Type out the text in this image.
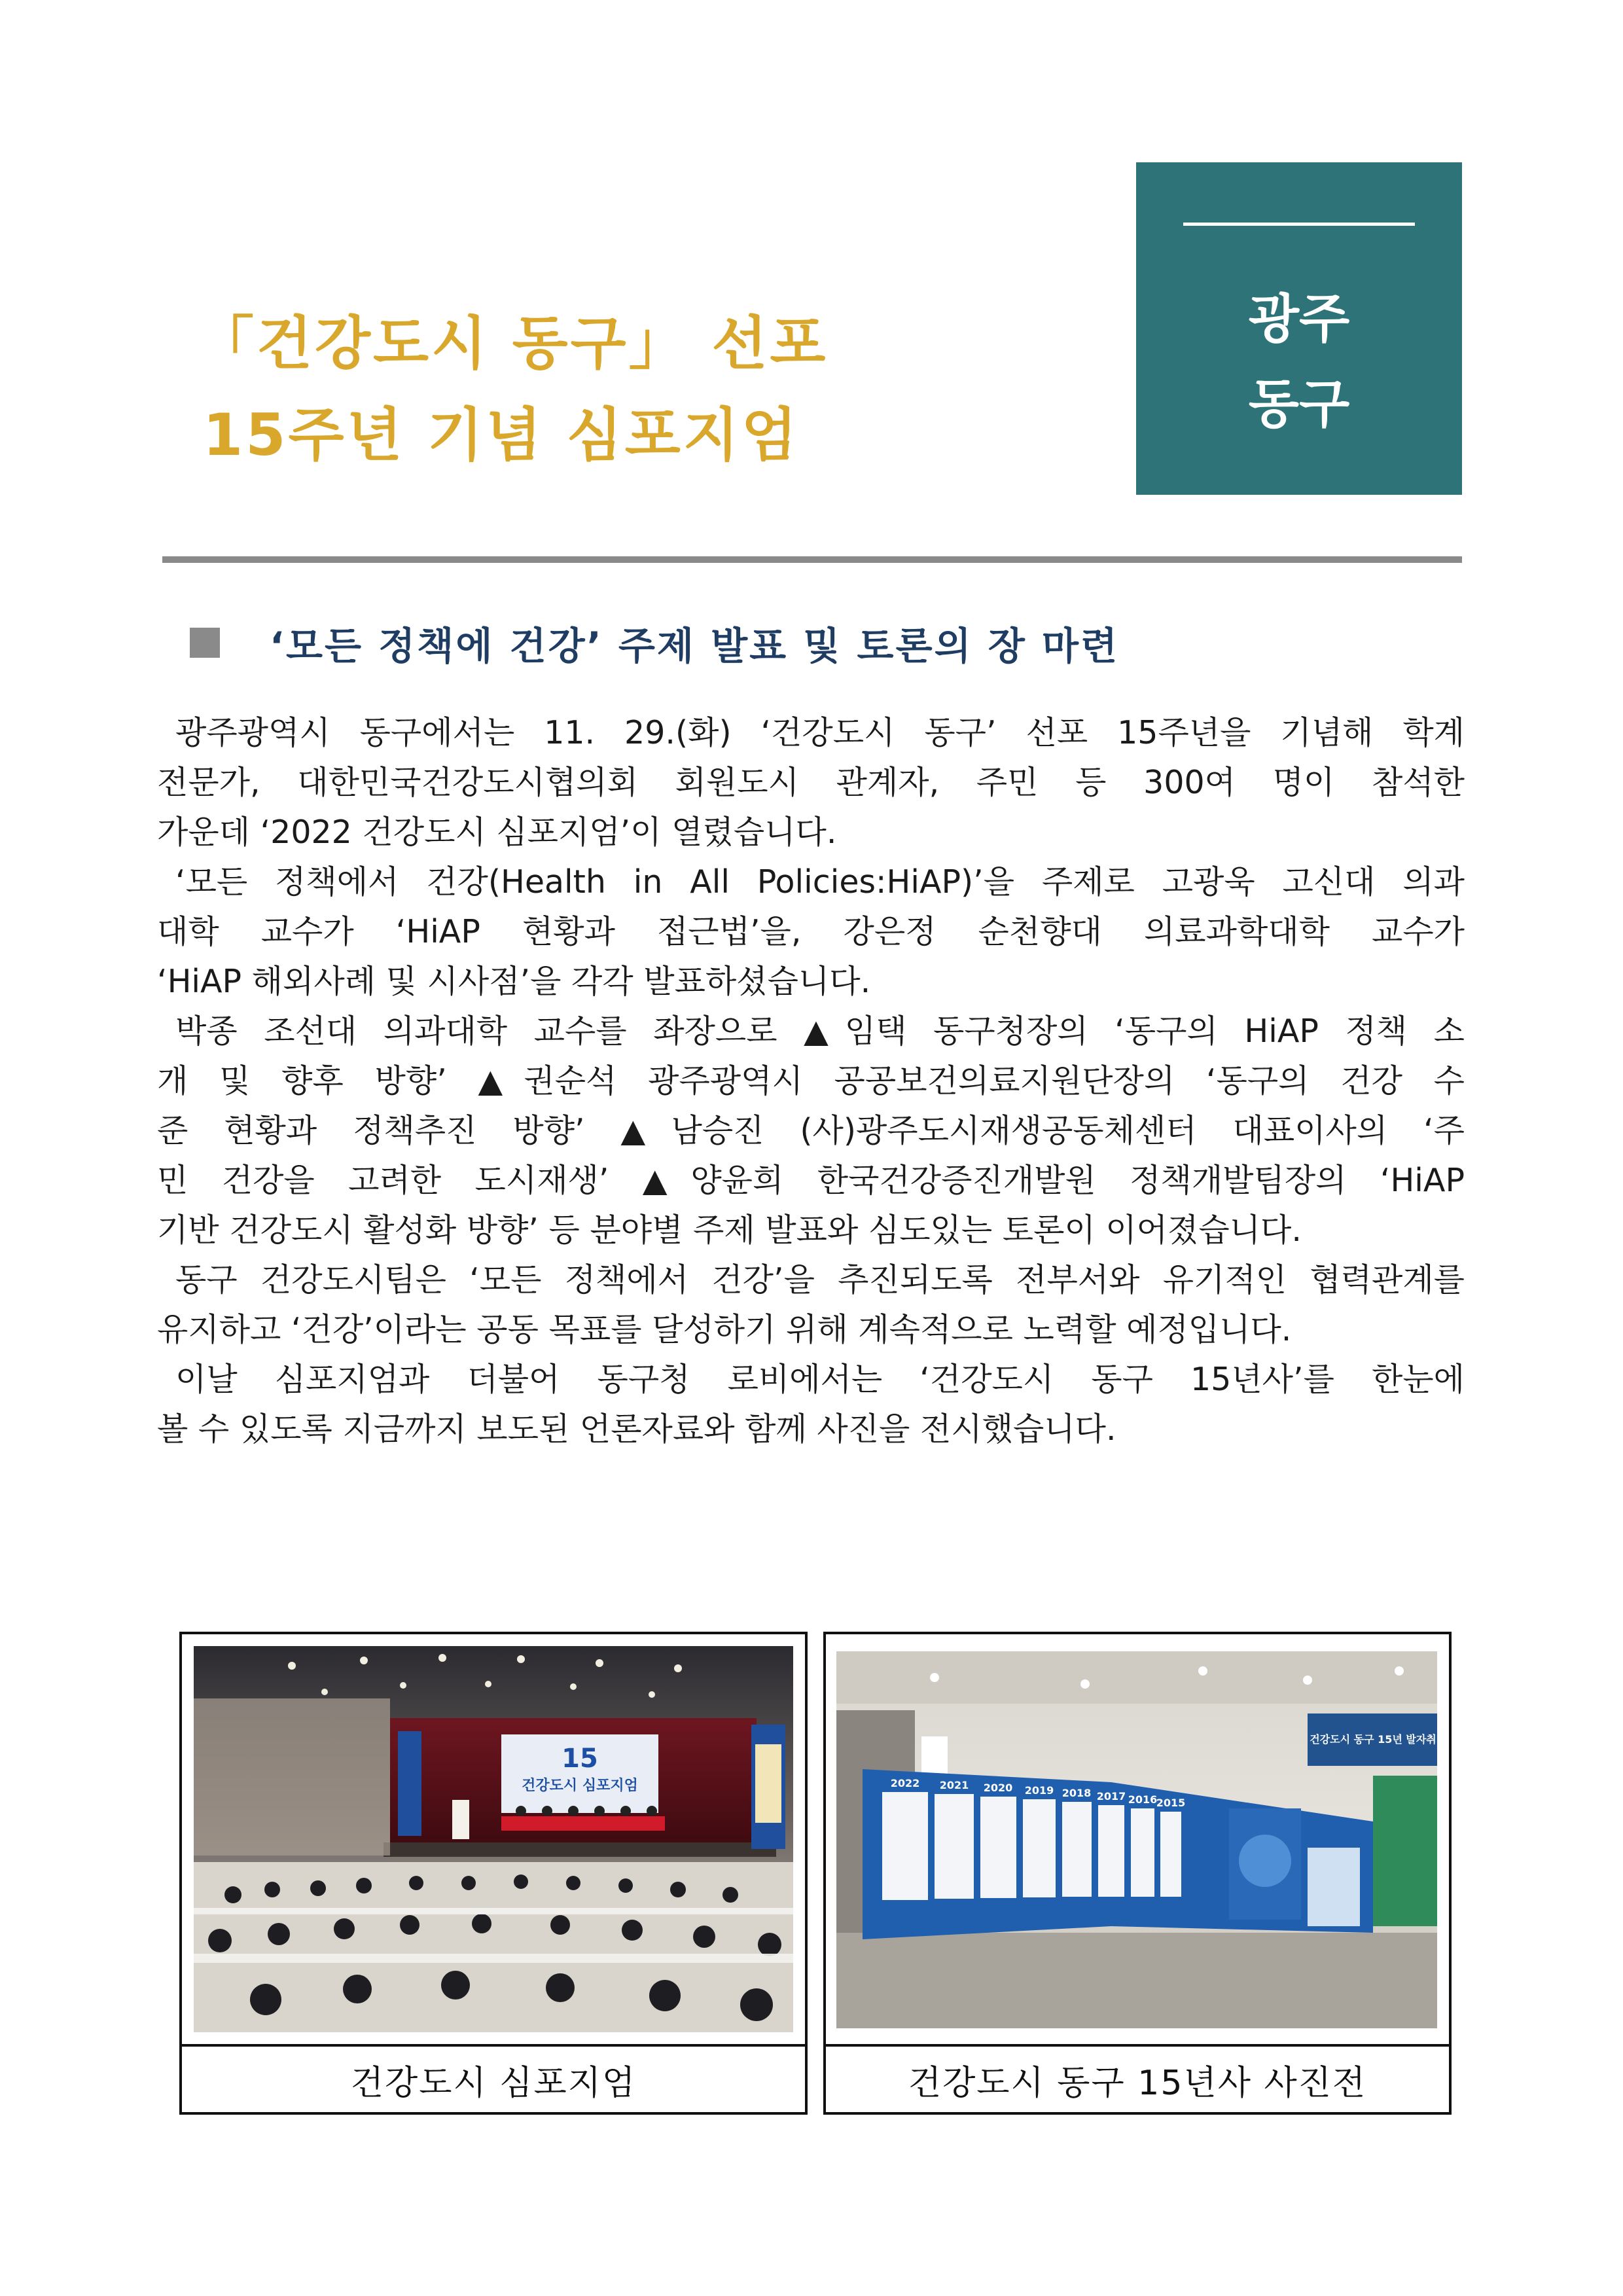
「건강도시 동구」 선포
15주년 기념 심포지엄
광주
동구
‘모든 정책에 건강’ 주제 발표 및 토론의 장 마련

광주광역시 동구에서는 11. 29.(화) ‘건강도시 동구’ 선포 15주년을 기념해 학계
전문가, 대한민국건강도시협의회 회원도시 관계자, 주민 등 300여 명이 참석한
가운데 ‘2022 건강도시 심포지엄’이 열렸습니다.

‘모든 정책에서 건강(Health in All Policies:HiAP)’을 주제로 고광욱 고신대 의과
대학 교수가 ‘HiAP 현황과 접근법’을, 강은정 순천향대 의료과학대학 교수가
‘HiAP 해외사례 및 시사점’을 각각 발표하셨습니다.

박종 조선대 의과대학 교수를 좌장으로 ▲임택 동구청장의 ‘동구의 HiAP 정책 소
개 및 향후 방향’ ▲권순석 광주광역시 공공보건의료지원단장의 ‘동구의 건강 수
준 현황과 정책추진 방향’ ▲남승진 (사)광주도시재생공동체센터 대표이사의 ‘주
민 건강을 고려한 도시재생’ ▲양윤희 한국건강증진개발원 정책개발팀장의 ‘HiAP
기반 건강도시 활성화 방향’ 등 분야별 주제 발표와 심도있는 토론이 이어졌습니다.

동구 건강도시팀은 ‘모든 정책에서 건강’을 추진되도록 전부서와 유기적인 협력관계를
유지하고 ‘건강’이라는 공동 목표를 달성하기 위해 계속적으로 노력할 예정입니다.

이날 심포지엄과 더불어 동구청 로비에서는 ‘건강도시 동구 15년사’를 한눈에
볼 수 있도록 지금까지 보도된 언론자료와 함께 사진을 전시했습니다.

15
건강도시 심포지엄
건강도시 심포지엄
건강도시 동구 15년 발자취
2022 2021 2020 2019 2018 2017 2016
2015
건강도시 동구 15년사 사진전
